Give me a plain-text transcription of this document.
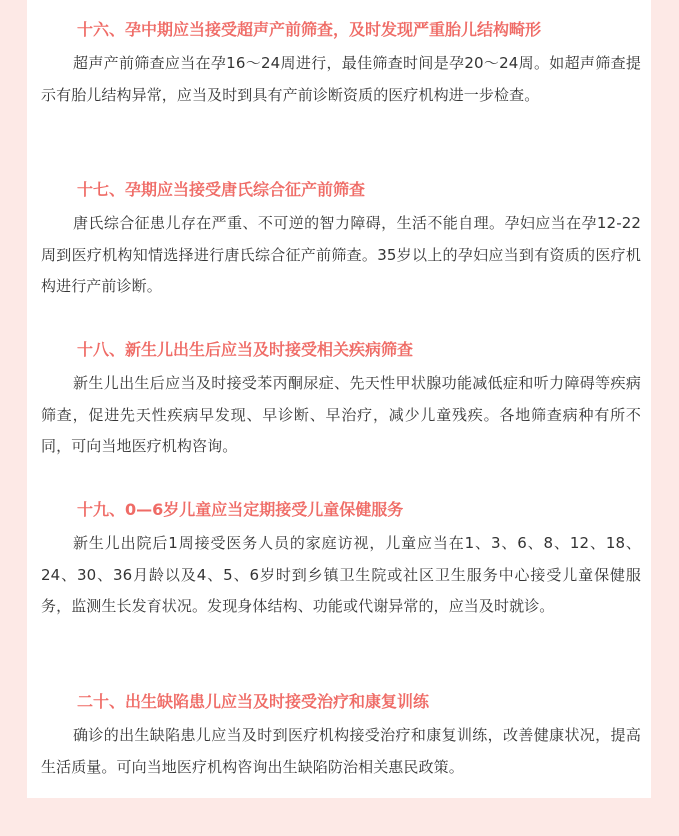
十六、孕中期应当接受超声产前筛查，及时发现严重胎儿结构畸形

超声产前筛查应当在孕16～24周进行，最佳筛查时间是孕20～24周。如超声筛查提示有胎儿结构异常，应当及时到具有产前诊断资质的医疗机构进一步检查。

十七、孕期应当接受唐氏综合征产前筛查

唐氏综合征患儿存在严重、不可逆的智力障碍，生活不能自理。孕妇应当在孕12-22周到医疗机构知情选择进行唐氏综合征产前筛查。35岁以上的孕妇应当到有资质的医疗机构进行产前诊断。

十八、新生儿出生后应当及时接受相关疾病筛查

新生儿出生后应当及时接受苯丙酮尿症、先天性甲状腺功能减低症和听力障碍等疾病筛查，促进先天性疾病早发现、早诊断、早治疗，减少儿童残疾。各地筛查病种有所不同，可向当地医疗机构咨询。

十九、0—6岁儿童应当定期接受儿童保健服务

新生儿出院后1周接受医务人员的家庭访视，儿童应当在1、3、6、8、12、18、24、30、36月龄以及4、5、6岁时到乡镇卫生院或社区卫生服务中心接受儿童保健服务，监测生长发育状况。发现身体结构、功能或代谢异常的，应当及时就诊。

二十、出生缺陷患儿应当及时接受治疗和康复训练

确诊的出生缺陷患儿应当及时到医疗机构接受治疗和康复训练，改善健康状况，提高生活质量。可向当地医疗机构咨询出生缺陷防治相关惠民政策。
